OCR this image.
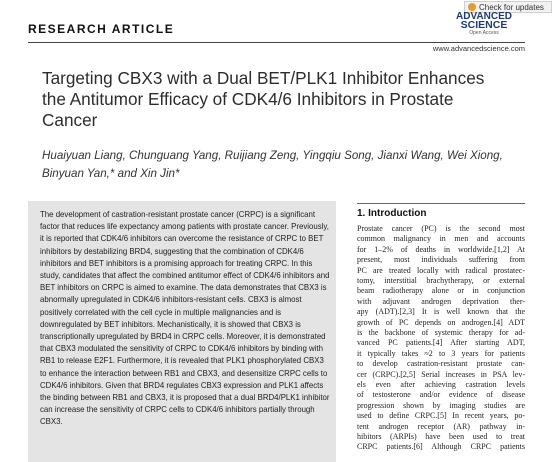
Check for updates
RESEARCH ARTICLE
ADVANCED
SCIENCE
Open Access
www.advancedscience.com
Targeting CBX3 with a Dual BET/PLK1 Inhibitor Enhances the Antitumor Efficacy of CDK4/6 Inhibitors in Prostate Cancer
Huaiyuan Liang, Chunguang Yang, Ruijiang Zeng, Yingqiu Song, Jianxi Wang, Wei Xiong,
Binyuan Yan,* and Xin Jin*
The development of castration-resistant prostate cancer (CRPC) is a significant factor that reduces life expectancy among patients with prostate cancer. Previously, it is reported that CDK4/6 inhibitors can overcome the resistance of CRPC to BET inhibitors by destabilizing BRD4, suggesting that the combination of CDK4/6 inhibitors and BET inhibitors is a promising approach for treating CRPC. In this study, candidates that affect the combined antitumor effect of CDK4/6 inhibitors and BET inhibitors on CRPC is aimed to examine. The data demonstrates that CBX3 is abnormally upregulated in CDK4/6 inhibitors-resistant cells. CBX3 is almost positively correlated with the cell cycle in multiple malignancies and is downregulated by BET inhibitors. Mechanistically, it is showed that CBX3 is transcriptionally upregulated by BRD4 in CRPC cells. Moreover, it is demonstrated that CBX3 modulated the sensitivity of CRPC to CDK4/6 inhibitors by binding with RB1 to release E2F1. Furthermore, it is revealed that PLK1 phosphorylated CBX3 to enhance the interaction between RB1 and CBX3, and desensitize CRPC cells to CDK4/6 inhibitors. Given that BRD4 regulates CBX3 expression and PLK1 affects the binding between RB1 and CBX3, it is proposed that a dual BRD4/PLK1 inhibitor can increase the sensitivity of CRPC cells to CDK4/6 inhibitors partially through CBX3.
1. Introduction
Prostate cancer (PC) is the second most
common malignancy in men and accounts
for 1–2% of deaths in worldwide.[1,2] At
present, most individuals suffering from
PC are treated locally with radical prostatec-
tomy, interstitial brachytherapy, or external
beam radiotherapy alone or in conjunction
with adjuvant androgen deprivation ther-
apy (ADT).[2,3] It is well known that the
growth of PC depends on androgen.[4] ADT
is the backbone of systemic therapy for ad-
vanced PC patients.[4] After starting ADT,
it typically takes ≈2 to 3 years for patients
to develop castration-resistant prostate can-
cer (CRPC).[2,5] Serial increases in PSA lev-
els even after achieving castration levels
of testosterone and/or evidence of disease
progression shown by imaging studies are
used to define CRPC.[5] In recent years, po-
tent androgen receptor (AR) pathway in-
hibitors (ARPIs) have been used to treat
CRPC patients.[6] Although CRPC patients
